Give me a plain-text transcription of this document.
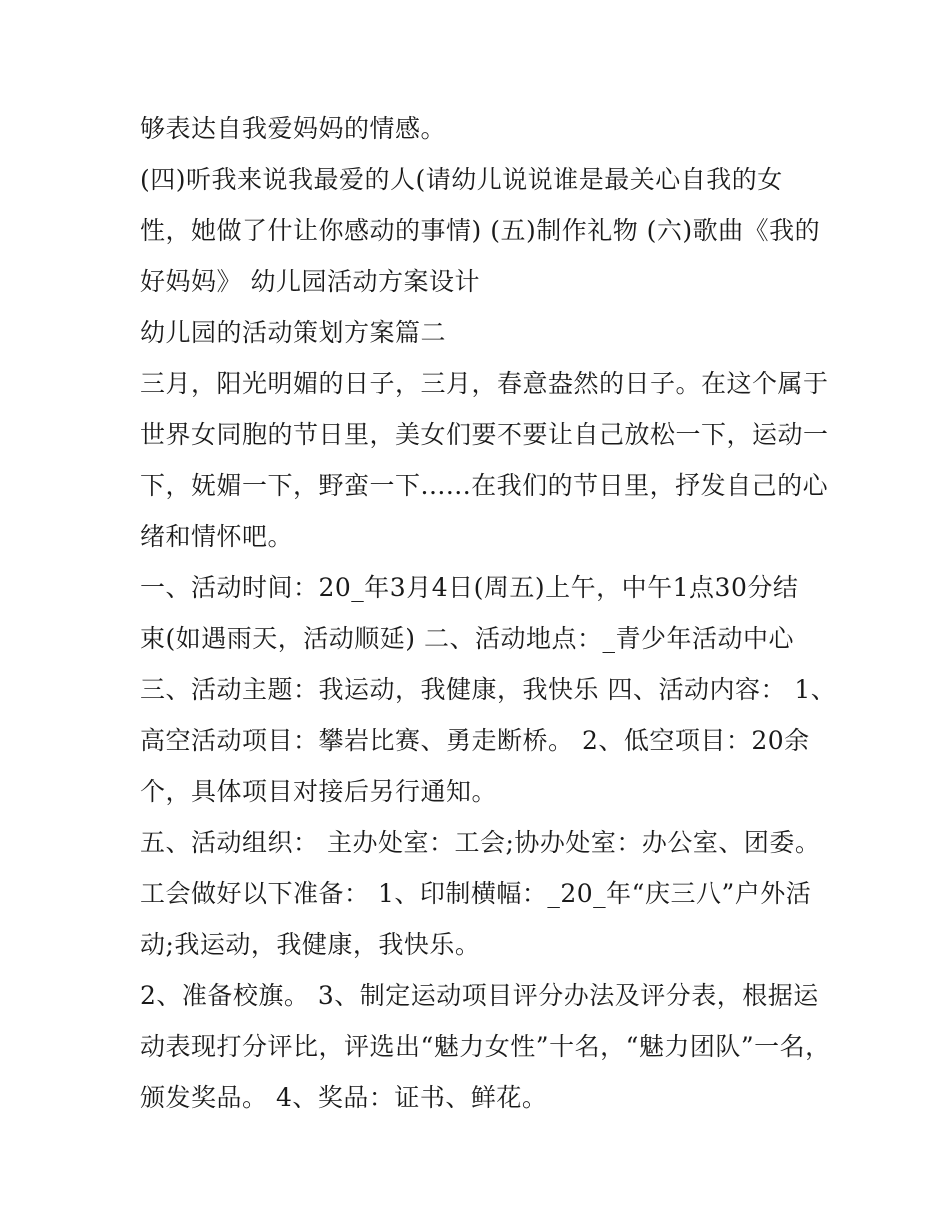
够表达自我爱妈妈的情感。
(四)听我来说我最爱的人(请幼儿说说谁是最关心自我的女
性，她做了什让你感动的事情) (五)制作礼物 (六)歌曲《我的
好妈妈》 幼儿园活动方案设计
幼儿园的活动策划方案篇二
三月，阳光明媚的日子，三月，春意盎然的日子。在这个属于
世界女同胞的节日里，美女们要不要让自己放松一下，运动一
下，妩媚一下，野蛮一下......在我们的节日里，抒发自己的心
绪和情怀吧。
一、活动时间：20_年3月4日(周五)上午，中午1点30分结
束(如遇雨天，活动顺延) 二、活动地点：_青少年活动中心
三、活动主题：我运动，我健康，我快乐 四、活动内容： 1、
高空活动项目：攀岩比赛、勇走断桥。 2、低空项目：20余
个，具体项目对接后另行通知。
五、活动组织： 主办处室：工会;协办处室：办公室、团委。
工会做好以下准备： 1、印制横幅：_20_年“庆三八”户外活
动;我运动，我健康，我快乐。
2、准备校旗。 3、制定运动项目评分办法及评分表，根据运
动表现打分评比，评选出“魅力女性”十名，“魅力团队”一名，
颁发奖品。 4、奖品：证书、鲜花。
